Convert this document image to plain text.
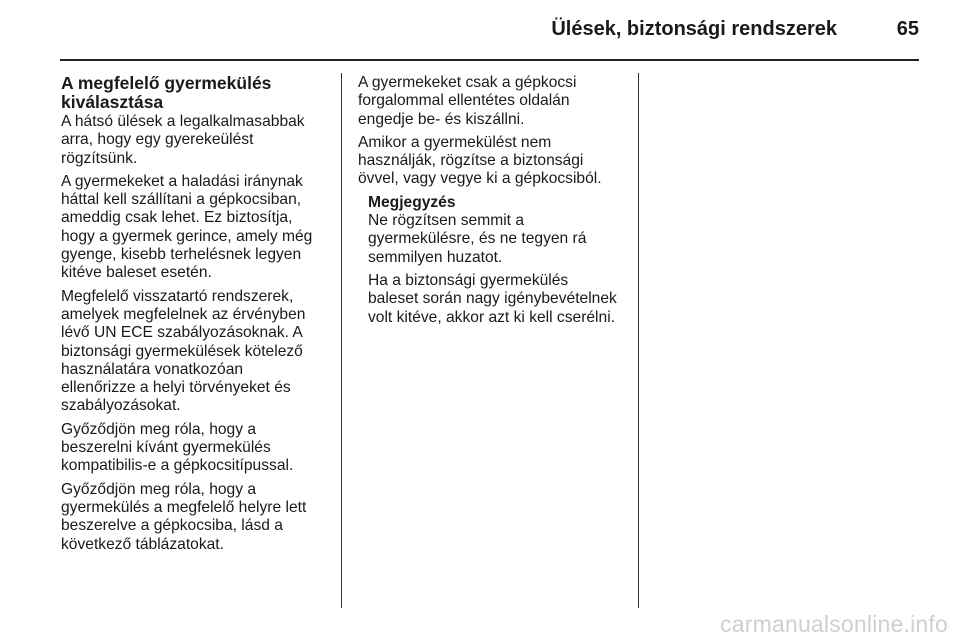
Ülések, biztonsági rendszerek	65
A megfelelő gyermekülés
kiválasztása

A hátsó ülések a legalkalmasabbak
arra, hogy egy gyerekeülést
rögzítsünk.

A gyermekeket a haladási iránynak
háttal kell szállítani a gépkocsiban,
ameddig csak lehet. Ez biztosítja,
hogy a gyermek gerince, amely még
gyenge, kisebb terhelésnek legyen
kitéve baleset esetén.

Megfelelő visszatartó rendszerek,
amelyek megfelelnek az érvényben
lévő UN ECE szabályozásoknak. A
biztonsági gyermekülések kötelező
használatára vonatkozóan
ellenőrizze a helyi törvényeket és
szabályozásokat.

Győződjön meg róla, hogy a
beszerelni kívánt gyermekülés
kompatibilis-e a gépkocsitípussal.

Győződjön meg róla, hogy a
gyermekülés a megfelelő helyre lett
beszerelve a gépkocsiba, lásd a
következő táblázatokat.

A gyermekeket csak a gépkocsi
forgalommal ellentétes oldalán
engedje be- és kiszállni.

Amikor a gyermekülést nem
használják, rögzítse a biztonsági
övvel, vagy vegye ki a gépkocsiból.

Megjegyzés

Ne rögzítsen semmit a
gyermekülésre, és ne tegyen rá
semmilyen huzatot.

Ha a biztonsági gyermekülés
baleset során nagy igénybevételnek
volt kitéve, akkor azt ki kell cserélni.

carmanualsonline.info
